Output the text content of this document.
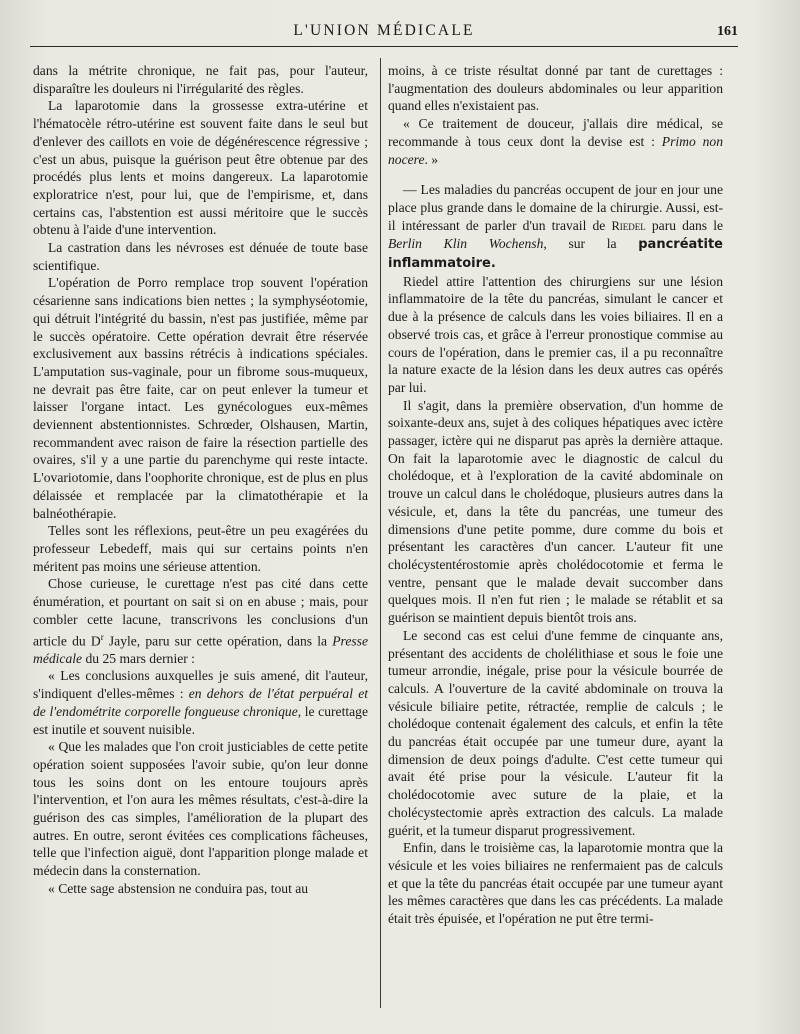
L'UNION MÉDICALE	161

dans la métrite chronique, ne fait pas, pour l'auteur, disparaître les douleurs ni l'irrégularité des règles.

La laparotomie dans la grossesse extra-utérine et l'hématocèle rétro-utérine est souvent faite dans le seul but d'enlever des caillots en voie de dégénérescence régressive ; c'est un abus, puisque la guérison peut être obtenue par des procédés plus lents et moins dangereux. La laparotomie exploratrice n'est, pour lui, que de l'empirisme, et, dans certains cas, l'abstention est aussi méritoire que le succès obtenu à l'aide d'une intervention.

La castration dans les névroses est dénuée de toute base scientifique.

L'opération de Porro remplace trop souvent l'opération césarienne sans indications bien nettes ; la symphyséotomie, qui détruit l'intégrité du bassin, n'est pas justifiée, même par le succès opératoire. Cette opération devrait être réservée exclusivement aux bassins rétrécis à indications spéciales. L'amputation sus-vaginale, pour un fibrome sous-muqueux, ne devrait pas être faite, car on peut enlever la tumeur et laisser l'organe intact. Les gynécologues eux-mêmes deviennent abstentionnistes. Schrœder, Olshausen, Martin, recommandent avec raison de faire la résection partielle des ovaires, s'il y a une partie du parenchyme qui reste intacte. L'ovariotomie, dans l'oophorite chronique, est de plus en plus délaissée et remplacée par la climatothérapie et la balnéothérapie.

Telles sont les réflexions, peut-être un peu exagérées du professeur Lebedeff, mais qui sur certains points n'en méritent pas moins une sérieuse attention.

Chose curieuse, le curettage n'est pas cité dans cette énumération, et pourtant on sait si on en abuse ; mais, pour combler cette lacune, transcrivons les conclusions d'un article du $D^r$ Jayle, paru sur cette opération, dans la Presse médicale du 25 mars dernier :

« Les conclusions auxquelles je suis amené, dit l'auteur, s'indiquent d'elles-mêmes : en dehors de l'état perpuéral et de l'endométrite corporelle fongueuse chronique, le curettage est inutile et souvent nuisible.

« Que les malades que l'on croit justiciables de cette petite opération soient supposées l'avoir subie, qu'on leur donne tous les soins dont on les entoure toujours après l'intervention, et l'on aura les mêmes résultats, c'est-à-dire la guérison des cas simples, l'amélioration de la plupart des autres. En outre, seront évitées ces complications fâcheuses, telle que l'infection aiguë, dont l'apparition plonge malade et médecin dans la consternation.

« Cette sage abstension ne conduira pas, tout au

moins, à ce triste résultat donné par tant de curettages : l'augmentation des douleurs abdominales ou leur apparition quand elles n'existaient pas.

« Ce traitement de douceur, j'allais dire médical, se recommande à tous ceux dont la devise est : Primo non nocere. »

— Les maladies du pancréas occupent de jour en jour une place plus grande dans le domaine de la chirurgie. Aussi, est-il intéressant de parler d'un travail de Riedel paru dans le Berlin Klin Wochensh, sur la pancréatite inflammatoire.

Riedel attire l'attention des chirurgiens sur une lésion inflammatoire de la tête du pancréas, simulant le cancer et due à la présence de calculs dans les voies biliaires. Il en a observé trois cas, et grâce à l'erreur pronostique commise au cours de l'opération, dans le premier cas, il a pu reconnaître la nature exacte de la lésion dans les deux autres cas opérés par lui.

Il s'agit, dans la première observation, d'un homme de soixante-deux ans, sujet à des coliques hépatiques avec ictère passager, ictère qui ne disparut pas après la dernière attaque. On fait la laparotomie avec le diagnostic de calcul du cholédoque, et à l'exploration de la cavité abdominale on trouve un calcul dans le cholédoque, plusieurs autres dans la vésicule, et, dans la tête du pancréas, une tumeur des dimensions d'une petite pomme, dure comme du bois et présentant les caractères d'un cancer. L'auteur fit une cholécystentérostomie après cholédocotomie et ferma le ventre, pensant que le malade devait succomber dans quelques mois. Il n'en fut rien ; le malade se rétablit et sa guérison se maintient depuis bientôt trois ans.

Le second cas est celui d'une femme de cinquante ans, présentant des accidents de cholélithiase et sous le foie une tumeur arrondie, inégale, prise pour la vésicule bourrée de calculs. A l'ouverture de la cavité abdominale on trouva la vésicule biliaire petite, rétractée, remplie de calculs ; le cholédoque contenait également des calculs, et enfin la tête du pancréas était occupée par une tumeur dure, ayant la dimension de deux poings d'adulte. C'est cette tumeur qui avait été prise pour la vésicule. L'auteur fit la cholédocotomie avec suture de la plaie, et la cholécystectomie après extraction des calculs. La malade guérit, et la tumeur disparut progressivement.

Enfin, dans le troisième cas, la laparotomie montra que la vésicule et les voies biliaires ne renfermaient pas de calculs et que la tête du pancréas était occupée par une tumeur ayant les mêmes caractères que dans les cas précédents. La malade était très épuisée, et l'opération ne put être termi-
